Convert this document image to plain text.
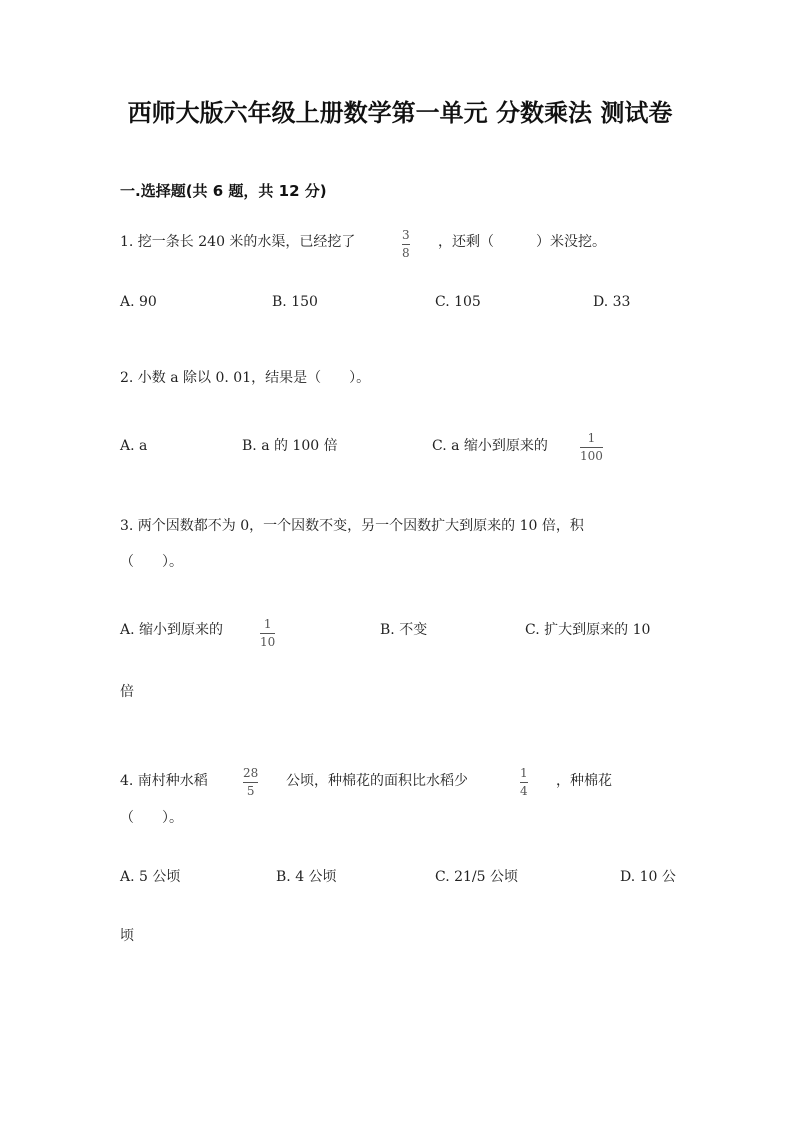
西师大版六年级上册数学第一单元 分数乘法 测试卷
一.选择题(共 6 题，共 12 分)
1. 挖一条长 240 米的水渠，已经挖了	3
8
，还剩（　　　）米没挖。
A. 90	B. 150	C. 105	D. 33
2. 小数 a 除以 0. 01，结果是（　　）。
A. a	B. a 的 100 倍	C. a 缩小到原来的	1
100
3. 两个因数都不为 0，一个因数不变，另一个因数扩大到原来的 10 倍，积
（　　）。
A. 缩小到原来的	1
10
B. 不变	C. 扩大到原来的 10
倍
4. 南村种水稻	28
5
公顷，种棉花的面积比水稻少	1
4
，种棉花
（　　）。
A. 5 公顷	B. 4 公顷	C. 21/5 公顷	D. 10 公
顷
